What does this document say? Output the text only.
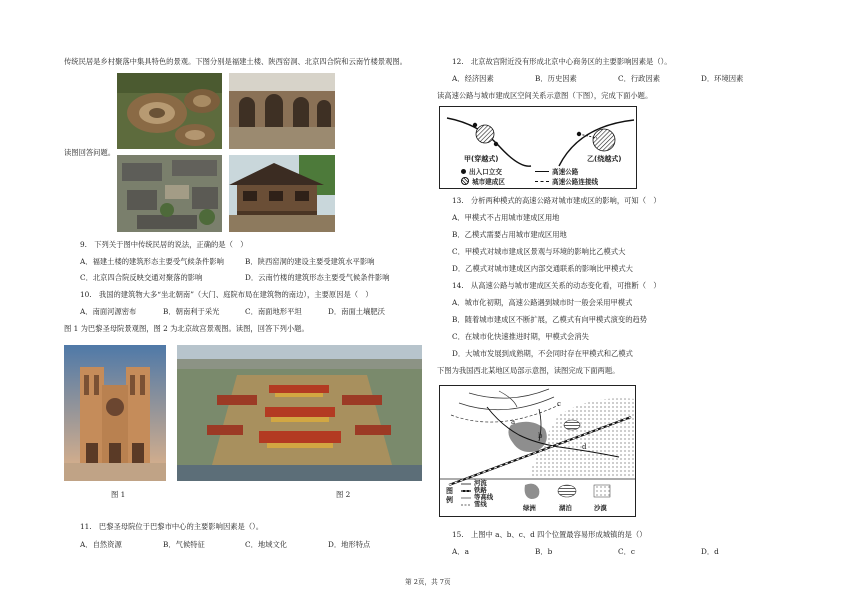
传统民居是乡村聚落中集具特色的景观。下图分别是福建土楼、陕西窑洞、北京四合院和云南竹楼景观图。
读图回答问题。
9.　下列关于图中传统民居的说法，正确的是（　）
A．福建土楼的建筑形态主要受气候条件影响	B．陕西窑洞的建设主要受建筑水平影响
C．北京四合院反映交通对聚落的影响	D．云南竹楼的建筑形态主要受气候条件影响
10.　我国的建筑物大多“坐北朝南”（大门、庭院布局在建筑物的南边），主要原因是（　）
A．南面河源密布	B．朝南利于采光	C．南面地形平坦	D．南面土壤肥沃
图 1 为巴黎圣母院景观图，图 2 为北京故宫景观图。读图，回答下列小题。
图 1	图 2
11.　巴黎圣母院位于巴黎市中心的主要影响因素是（）。
A．自然资源	B．气候特征	C．地域文化	D．地形特点
12.　北京故宫附近没有形成北京中心商务区的主要影响因素是（）。
A．经济因素	B．历史因素	C．行政因素	D．环境因素
读高速公路与城市建成区空间关系示意图（下图），完成下面小题。
甲(穿越式)	乙(绕越式)
出入口立交
城市建成区
高速公路
高速公路连接线
13.　分析两种模式的高速公路对城市建成区的影响，可知（　）
A．甲模式不占用城市建成区用地
B．乙模式需要占用城市建成区用地
C．甲模式对城市建成区景观与环境的影响比乙模式大
D．乙模式对城市建成区内部交通联系的影响比甲模式大
14.　从高速公路与城市建成区关系的动态变化看，可推断（　）
A．城市化初期，高速公路遇到城市时一般会采用甲模式
B．随着城市建成区不断扩展，乙模式有向甲模式演变的趋势
C．在城市化快速推进时期，甲模式会消失
D．大城市发展到成熟期，不会同时存在甲模式和乙模式
下图为我国西北某地区局部示意图，读图完成下面两题。
a
b
c
d
图例
河流
铁路
等高线
雪线	绿洲	湖泊	沙漠
15.　上图中 a、b、c、d 四个位置最容易形成城镇的是（）
A．a	B．b	C．c	D．d
第 2页，共 7页
